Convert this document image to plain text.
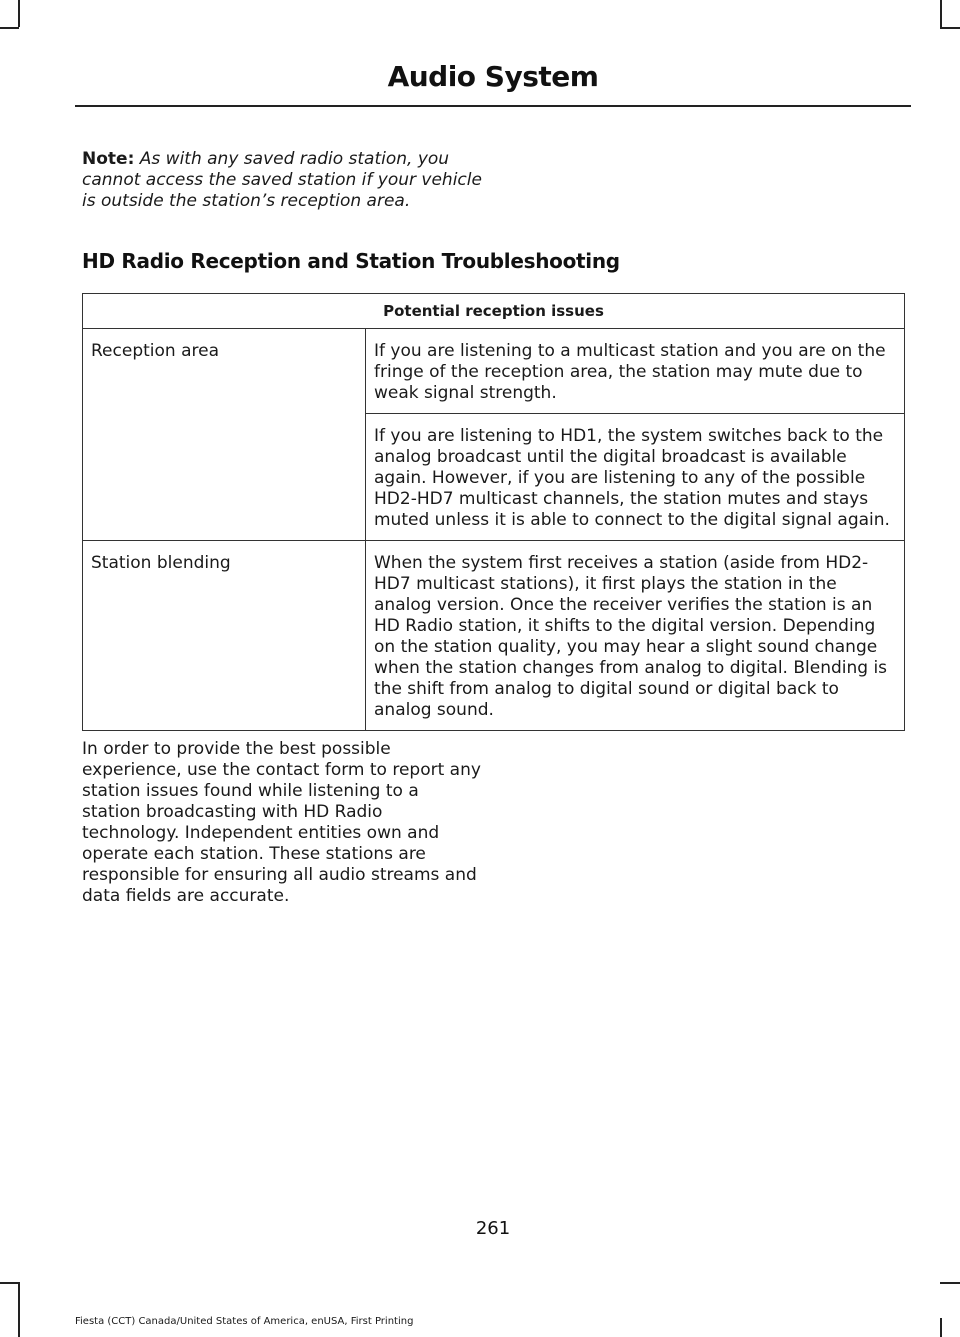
Audio System
Note: As with any saved radio station, you cannot access the saved station if your vehicle is outside the station’s reception area.
HD Radio Reception and Station Troubleshooting
Potential reception issues	
Reception area	If you are listening to a multicast station and you are on the fringe of the reception area, the station may mute due to weak signal strength.
	If you are listening to HD1, the system switches back to the analog broadcast until the digital broadcast is available again. However, if you are listening to any of the possible HD2-HD7 multicast channels, the station mutes and stays muted unless it is able to connect to the digital signal again.
Station blending	When the system first receives a station (aside from HD2-HD7 multicast stations), it first plays the station in the analog version. Once the receiver verifies the station is an HD Radio station, it shifts to the digital version. Depending on the station quality, you may hear a slight sound change when the station changes from analog to digital. Blending is the shift from analog to digital sound or digital back to analog sound.
In order to provide the best possible experience, use the contact form to report any station issues found while listening to a station broadcasting with HD Radio technology. Independent entities own and operate each station. These stations are responsible for ensuring all audio streams and data fields are accurate.
261
Fiesta (CCT) Canada/United States of America, enUSA, First Printing
